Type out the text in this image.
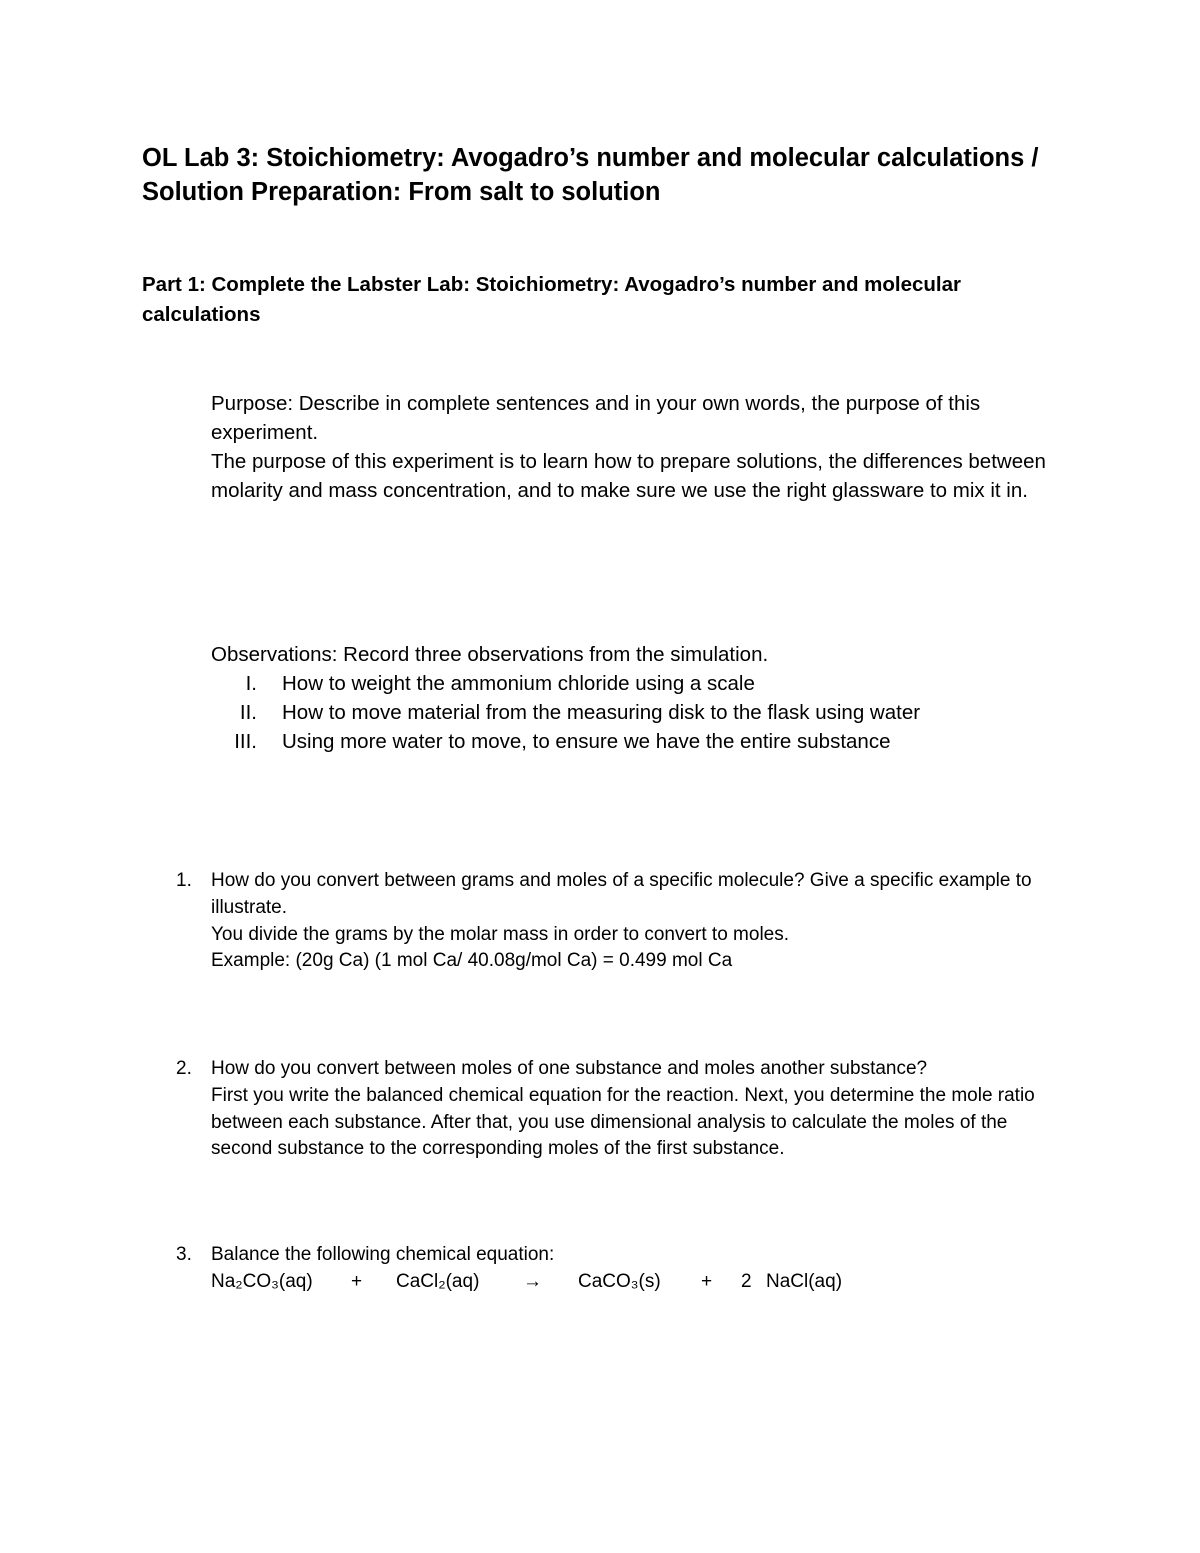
OL Lab 3: Stoichiometry: Avogadro’s number and molecular calculations / Solution Preparation: From salt to solution
Part 1: Complete the Labster Lab: Stoichiometry: Avogadro’s number and molecular calculations

Purpose: Describe in complete sentences and in your own words, the purpose of this experiment.

The purpose of this experiment is to learn how to prepare solutions, the differences between molarity and mass concentration, and to make sure we use the right glassware to mix it in.

Observations: Record three observations from the simulation.

I. How to weight the ammonium chloride using a scale
II. How to move material from the measuring disk to the flask using water
III. Using more water to move, to ensure we have the entire substance
1. How do you convert between grams and moles of a specific molecule? Give a specific example to illustrate.

You divide the grams by the molar mass in order to convert to moles.

Example: (20g Ca) (1 mol Ca/ 40.08g/mol Ca) = 0.499 mol Ca

2. How do you convert between moles of one substance and moles another substance?

First you write the balanced chemical equation for the reaction. Next, you determine the mole ratio between each substance. After that, you use dimensional analysis to calculate the moles of the second substance to the corresponding moles of the first substance.

3. Balance the following chemical equation:

Na₂CO₃(aq) + CaCl₂(aq) → CaCO₃(s) + 2 NaCl(aq)
